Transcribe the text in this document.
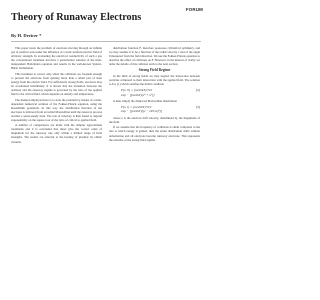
FORUM
Theory of Runaway Electrons
By H. Dreicer *

This paper treats the problem of electrons moving through an infinite gas of positive ions under the influence of a static uniform electric field of arbitrary strength. In evaluating the electrical conductivity of such a gas the conventional treatment involves a perturbation solution of the time-independent Boltzmann equation and results in the well-known Spitzer-Härm formulation.

This treatment is correct only when the collisions are frequent enough to prevent the electrons from gaining more than a small part of their energy from the electric field. For sufficiently strong fields, electrons may be accelerated indefinitely. It is shown that the transition between the ordinary and the runaway regime is governed by the ratio of the applied field to the critical field, which depends on density and temperature.

The method employed here is to treat the problem by means of a time-dependent numerical solution of the Fokker-Planck equation, using the Rosenbluth potentials. In this way the distribution function of the electrons is followed from an initial Maxwellian until the runaway process reaches a quasi-steady state. The rate of runaway is then found to depend exponentially on the square root of the ratio of critical to applied field.

A number of comparisons are made with the simpler approximate treatments and it is concluded that these give the correct order of magnitude for the runaway rate only within a limited range of field strengths. The results are relevant to the heating of plasmas by ohmic currents.

distribution function F, therefore possesses cylindrical symmetry, and we may assume it to be a function of the radial velocity v and of the angle θ measured from the field direction. We use the Fokker-Planck equation to describe the effect of collisions on F. However, in the interest of clarity we defer the details of this collision term to the next section.

Strong Field Regime

In the limit of strong fields we may neglect the interaction between particles compared to their interaction with the applied field. The solution to Eq. (1) which satisfies the initial condition

F(v, 0) = (m/2πkT)^3/2	(2)
exp − [(m/2kT)(v² + u²)]

is then simply the displaced Maxwellian distribution

F(v, t) = (m/2πkT)^3/2	(3)
exp − [(m/2kT)((v − eEt/m)²)]

where e is the electron drift velocity, determined by the magnitude of the field.

If we assume that the frequency of collisions is small compared to the rate at which energy is gained, then the entire distribution drifts without deformation and all electrons become runaway electrons. This represents the extreme of the strong field regime.
